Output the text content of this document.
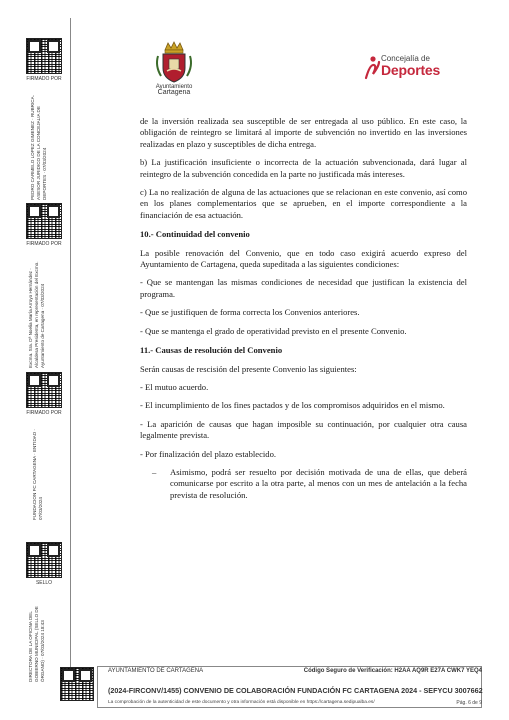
FIRMADO POR
PEDRO CARMELO LOPEZ GIMENEZ · RUBRICA. ASESOR JURIDICO DE LA CONCEJALIA DE DEPORTES · 07/03/2024
FIRMADO POR
Excma. Sra. Dª Noelia María Arroyo Hernández · Alcaldesa Presidenta, en representación del Excmo. Ayuntamiento de Cartagena · 07/03/2024
FIRMADO POR
FUNDACION FC CARTAGENA · ENTIDAD · 07/03/2024
SELLO
DIRECTORA DE LA OFICINA DEL GOBIERNO MUNICIPAL (SELLO DE ÓRGANO) · 07/03/2024 18:43
Ayuntamiento
Cartagena
Concejalía de
Deportes

de la inversión realizada sea susceptible de ser entregada al uso público. En este caso, la obligación de reintegro se limitará al importe de subvención no invertido en las inversiones realizadas en plazo y susceptibles de dicha entrega.

b) La justificación insuficiente o incorrecta de la actuación subvencionada, dará lugar al reintegro de la subvención concedida en la parte no justificada más intereses.

c) La no realización de alguna de las actuaciones que se relacionan en este convenio, así como en los planes complementarios que se aprueben, en el importe correspondiente a la financiación de esa actuación.

10.- Continuidad del convenio

La posible renovación del Convenio, que en todo caso exigirá acuerdo expreso del Ayuntamiento de Cartagena, queda supeditada a las siguientes condiciones:

- Que se mantengan las mismas condiciones de necesidad que justifican la existencia del programa.

- Que se justifiquen de forma correcta los Convenios anteriores.

- Que se mantenga el grado de operatividad previsto en el presente Convenio.

11.- Causas de resolución del Convenio

Serán causas de rescisión del presente Convenio las siguientes:

- El mutuo acuerdo.

- El incumplimiento de los fines pactados y de los compromisos adquiridos en el mismo.

- La aparición de causas que hagan imposible su continuación, por cualquier otra causa legalmente prevista.

- Por finalización del plazo establecido.

– Asimismo, podrá ser resuelto por decisión motivada de una de ellas, que deberá comunicarse por escrito a la otra parte, al menos con un mes de antelación a la fecha prevista de resolución.

AYUNTAMIENTO DE CARTAGENA	Código Seguro de Verificación: H2AA AQ9R E27A CWK7 YEQ4
(2024-FIRCONV/1455) CONVENIO DE COLABORACIÓN FUNDACIÓN FC CARTAGENA 2024 - SEFYCU 3007662
La comprobación de la autenticidad de este documento y otra información está disponible en https://cartagena.sedipualba.es/	Pág. 6 de 9
